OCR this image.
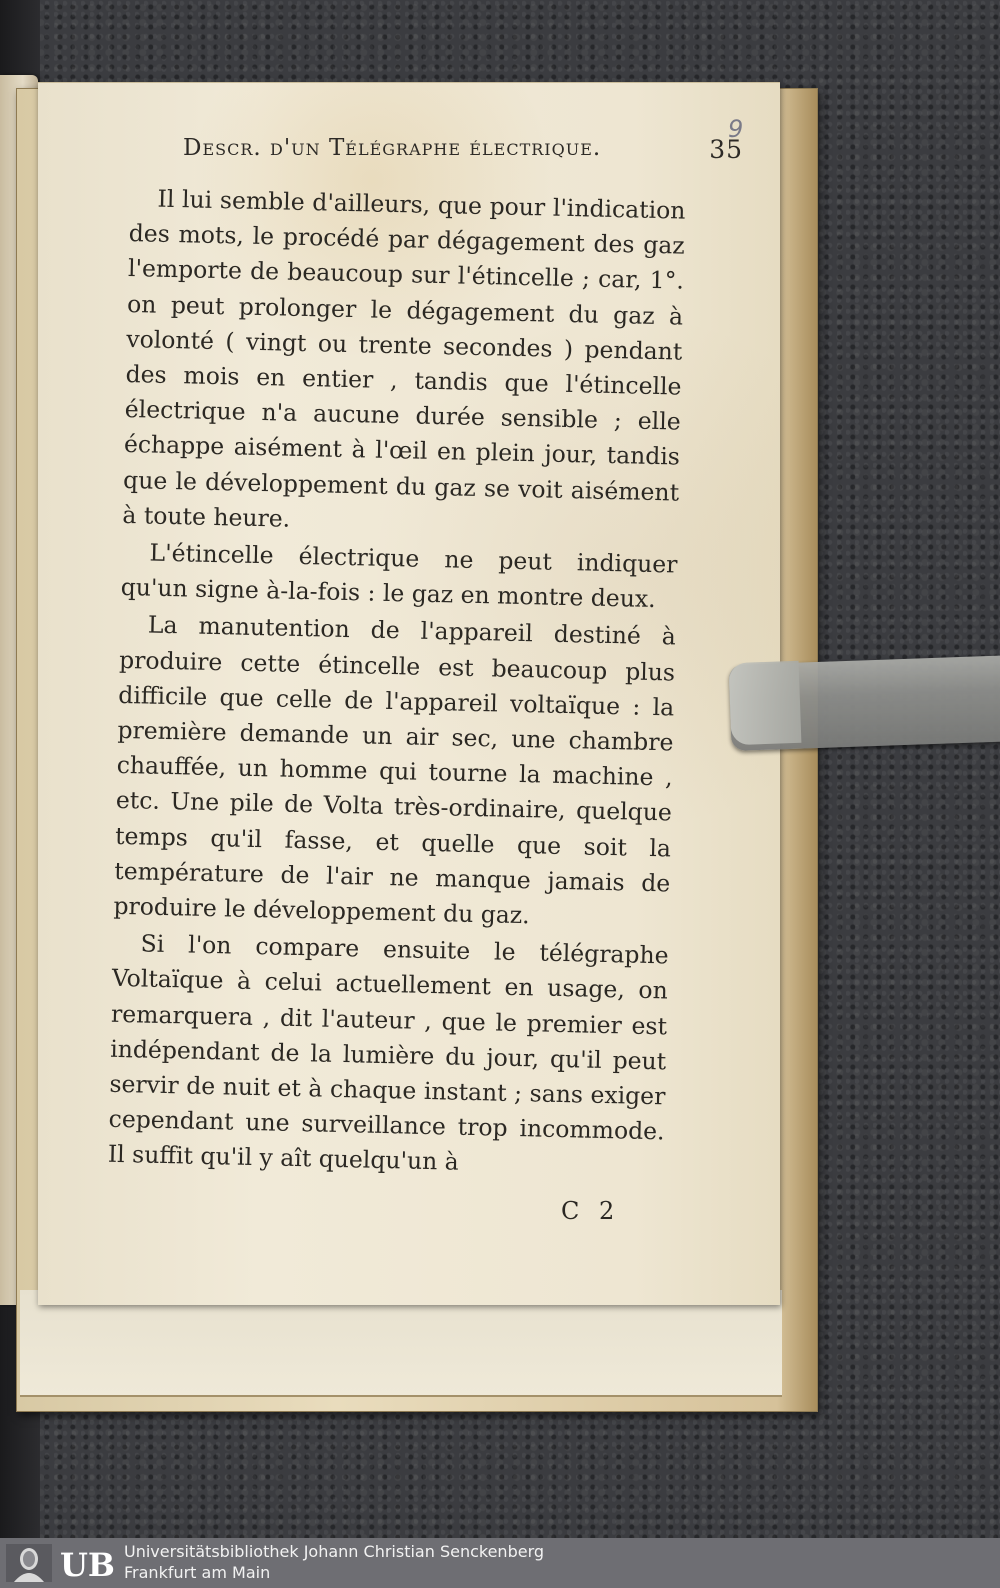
Descr. d'un Télégraphe électrique.	35
9

Il lui semble d'ailleurs, que pour l'indication des mots, le procédé par dégagement des gaz l'emporte de beaucoup sur l'étincelle ; car, 1°. on peut prolonger le dégagement du gaz à volonté ( vingt ou trente secondes ) pendant des mois en entier , tandis que l'étincelle électrique n'a aucune durée sensible ; elle échappe aisément à l'œil en plein jour, tandis que le développement du gaz se voit aisément à toute heure.

L'étincelle électrique ne peut indiquer qu'un signe à-la-fois : le gaz en montre deux.

La manutention de l'appareil destiné à produire cette étincelle est beaucoup plus difficile que celle de l'appareil voltaïque : la première demande un air sec, une chambre chauffée, un homme qui tourne la machine , etc. Une pile de Volta très-ordinaire, quelque temps qu'il fasse, et quelle que soit la température de l'air ne manque jamais de produire le développement du gaz.

Si l'on compare ensuite le télégraphe Voltaïque à celui actuellement en usage, on remarquera , dit l'auteur , que le premier est indépendant de la lumière du jour, qu'il peut servir de nuit et à chaque instant ; sans exiger cependant une surveillance trop incommode. Il suffit qu'il y aît quelqu'un à

C 2
UB Universitätsbibliothek Johann Christian Senckenberg
Frankfurt am Main
